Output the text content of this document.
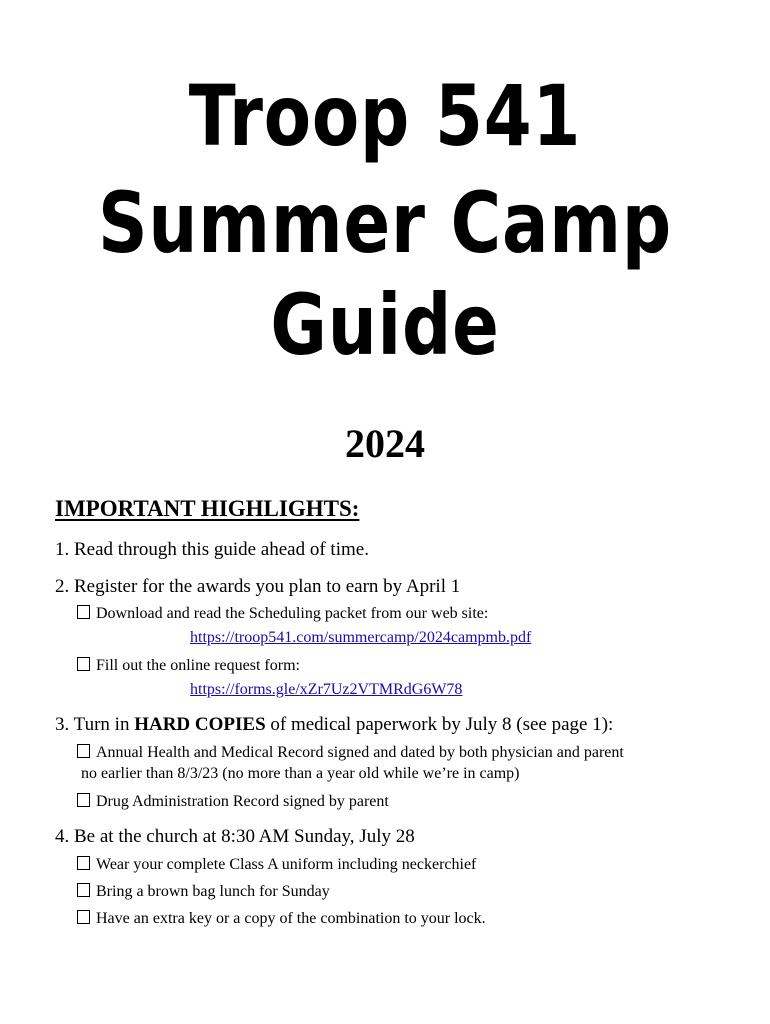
Troop 541
Summer Camp
Guide
2024
IMPORTANT HIGHLIGHTS:
1. Read through this guide ahead of time.
2. Register for the awards you plan to earn by April 1
Download and read the Scheduling packet from our web site:
https://troop541.com/summercamp/2024campmb.pdf
Fill out the online request form:
https://forms.gle/xZr7Uz2VTMRdG6W78
3. Turn in HARD COPIES of medical paperwork by July 8 (see page 1):
Annual Health and Medical Record signed and dated by both physician and parent
no earlier than 8/3/23 (no more than a year old while we’re in camp)
Drug Administration Record signed by parent
4. Be at the church at 8:30 AM Sunday, July 28
Wear your complete Class A uniform including neckerchief
Bring a brown bag lunch for Sunday
Have an extra key or a copy of the combination to your lock.
